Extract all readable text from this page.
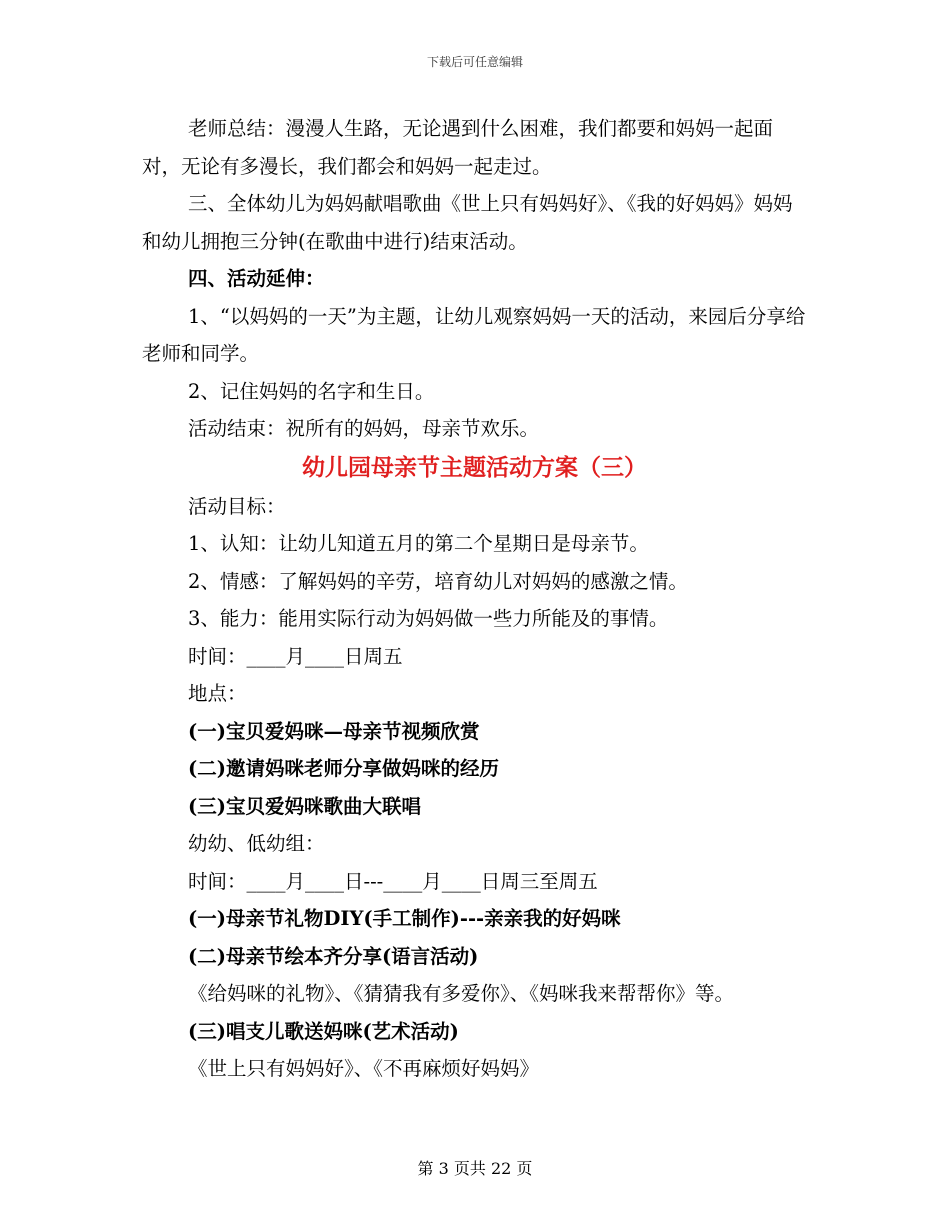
下载后可任意编辑

老师总结：漫漫人生路，无论遇到什么困难，我们都要和妈妈一起面对，无论有多漫长，我们都会和妈妈一起走过。

三、全体幼儿为妈妈献唱歌曲《世上只有妈妈好》、《我的好妈妈》妈妈和幼儿拥抱三分钟(在歌曲中进行)结束活动。

四、活动延伸：

1、“以妈妈的一天”为主题，让幼儿观察妈妈一天的活动，来园后分享给老师和同学。

2、记住妈妈的名字和生日。

活动结束：祝所有的妈妈，母亲节欢乐。

幼儿园母亲节主题活动方案（三）

活动目标：

1、认知：让幼儿知道五月的第二个星期日是母亲节。

2、情感：了解妈妈的辛劳，培育幼儿对妈妈的感激之情。

3、能力：能用实际行动为妈妈做一些力所能及的事情。

时间：____月____日周五

地点：

(一)宝贝爱妈咪—母亲节视频欣赏

(二)邀请妈咪老师分享做妈咪的经历

(三)宝贝爱妈咪歌曲大联唱

幼幼、低幼组：

时间：____月____日---____月____日周三至周五

(一)母亲节礼物DIY(手工制作)---亲亲我的好妈咪

(二)母亲节绘本齐分享(语言活动)

《给妈咪的礼物》、《猜猜我有多爱你》、《妈咪我来帮帮你》等。

(三)唱支儿歌送妈咪(艺术活动)

《世上只有妈妈好》、《不再麻烦好妈妈》

第 3 页共 22 页
